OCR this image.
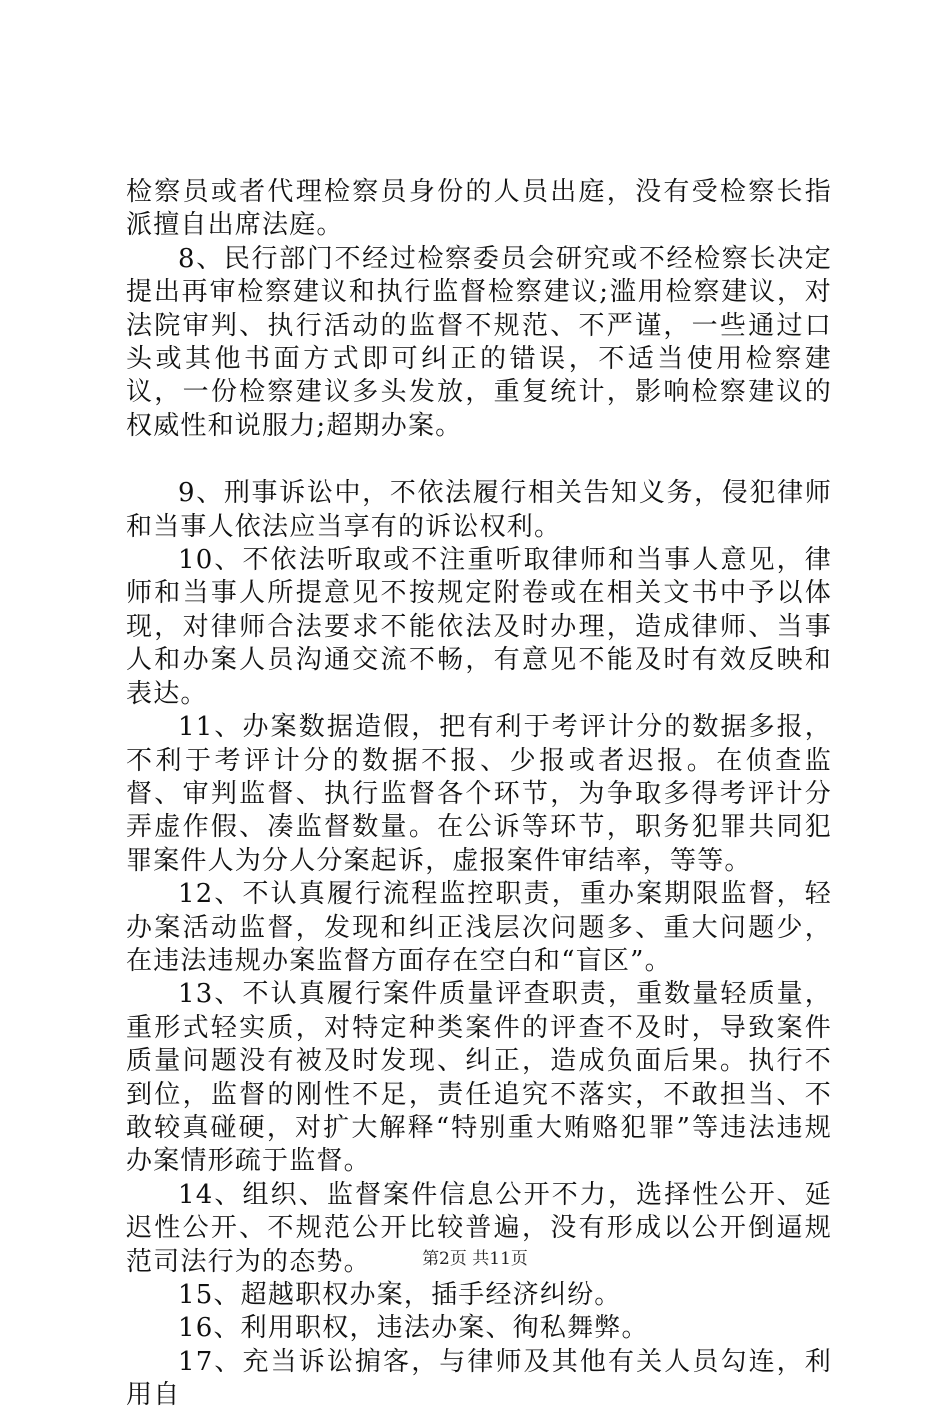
检察员或者代理检察员身份的人员出庭，没有受检察长指派擅自出席法庭。

8、民行部门不经过检察委员会研究或不经检察长决定提出再审检察建议和执行监督检察建议;滥用检察建议，对法院审判、执行活动的监督不规范、不严谨，一些通过口头或其他书面方式即可纠正的错误，不适当使用检察建议，一份检察建议多头发放，重复统计，影响检察建议的权威性和说服力;超期办案。

9、刑事诉讼中，不依法履行相关告知义务，侵犯律师和当事人依法应当享有的诉讼权利。

10、不依法听取或不注重听取律师和当事人意见，律师和当事人所提意见不按规定附卷或在相关文书中予以体现，对律师合法要求不能依法及时办理，造成律师、当事人和办案人员沟通交流不畅，有意见不能及时有效反映和表达。

11、办案数据造假，把有利于考评计分的数据多报，不利于考评计分的数据不报、少报或者迟报。在侦查监督、审判监督、执行监督各个环节，为争取多得考评计分弄虚作假、凑监督数量。在公诉等环节，职务犯罪共同犯罪案件人为分人分案起诉，虚报案件审结率，等等。

12、不认真履行流程监控职责，重办案期限监督，轻办案活动监督，发现和纠正浅层次问题多、重大问题少，在违法违规办案监督方面存在空白和“盲区”。

13、不认真履行案件质量评查职责，重数量轻质量，重形式轻实质，对特定种类案件的评查不及时，导致案件质量问题没有被及时发现、纠正，造成负面后果。执行不到位，监督的刚性不足，责任追究不落实，不敢担当、不敢较真碰硬，对扩大解释“特别重大贿赂犯罪”等违法违规办案情形疏于监督。

14、组织、监督案件信息公开不力，选择性公开、延迟性公开、不规范公开比较普遍，没有形成以公开倒逼规范司法行为的态势。

15、超越职权办案，插手经济纠纷。

16、利用职权，违法办案、徇私舞弊。

17、充当诉讼掮客，与律师及其他有关人员勾连，利用自

第2页 共11页
